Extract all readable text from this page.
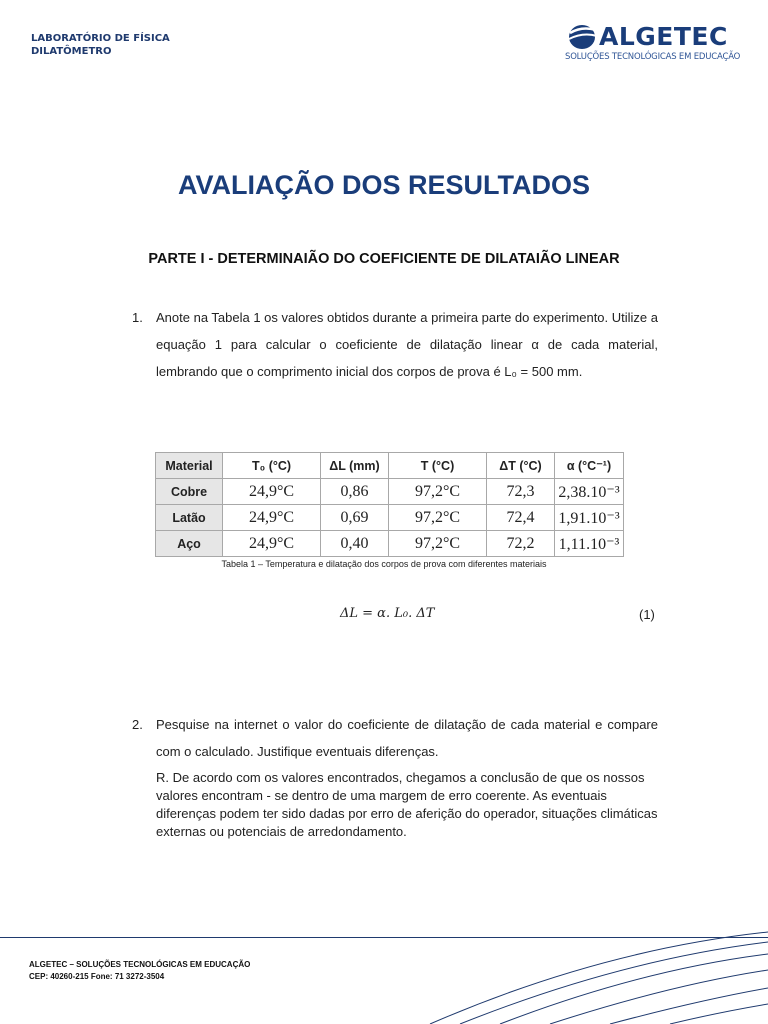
LABORATÓRIO DE FÍSICA
DILATÔMETRO
ALGETEC
SOLUÇÕES TECNOLÓGICAS EM EDUCAÇÃO
AVALIAÇÃO DOS RESULTADOS
PARTE I - DETERMINAIÃO DO COEFICIENTE DE DILATAIÃO LINEAR
1. Anote na Tabela 1 os valores obtidos durante a primeira parte do experimento. Utilize a equação 1 para calcular o coeficiente de dilatação linear α de cada material, lembrando que o comprimento inicial dos corpos de prova é L₀ = 500 mm.
Material	T₀ (°C)	ΔL (mm)	T (°C)	ΔT (°C)	α (°C⁻¹)
Cobre	24,9°C	0,86	97,2°C	72,3	2,38.10⁻³
Latão	24,9°C	0,69	97,2°C	72,4	1,91.10⁻³
Aço	24,9°C	0,40	97,2°C	72,2	1,11.10⁻³
Tabela 1 – Temperatura e dilatação dos corpos de prova com diferentes materiais
ΔL = α. L₀. ΔT	(1)
2. Pesquise na internet o valor do coeficiente de dilatação de cada material e compare com o calculado. Justifique eventuais diferenças.
R. De acordo com os valores encontrados, chegamos a conclusão de que os nossos valores encontram - se dentro de uma margem de erro coerente. As eventuais diferenças podem ter sido dadas por erro de aferição do operador, situações climáticas externas ou potenciais de arredondamento.
ALGETEC – SOLUÇÕES TECNOLÓGICAS EM EDUCAÇÃO
CEP: 40260-215 Fone: 71 3272-3504
